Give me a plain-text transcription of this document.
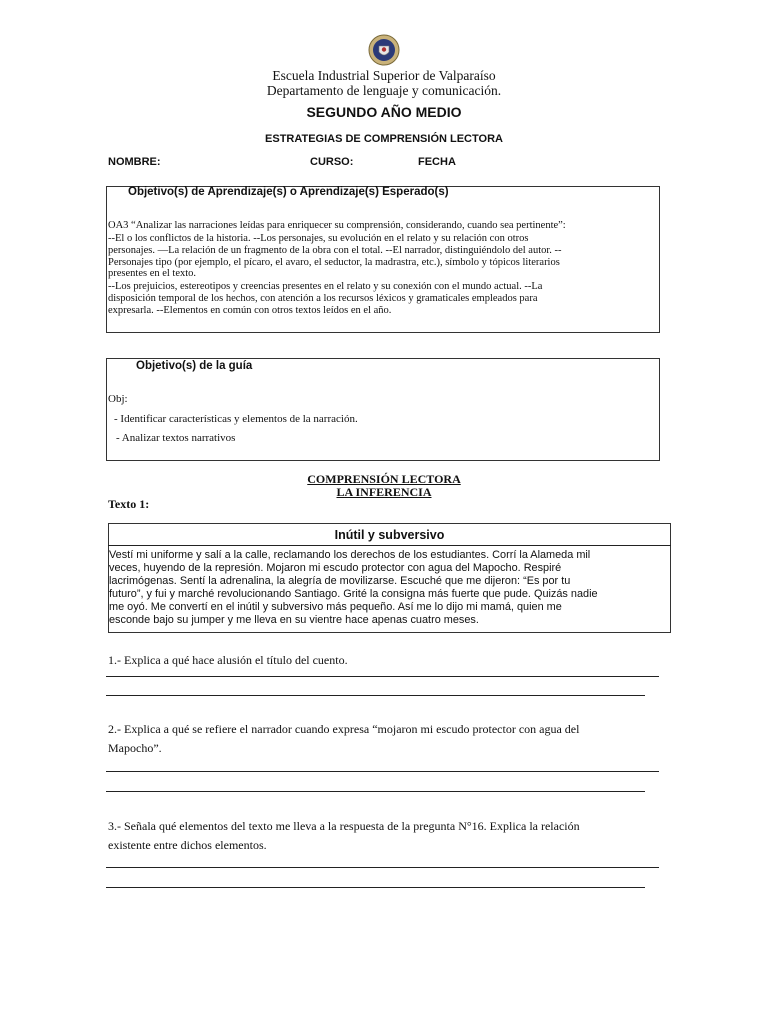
Escuela Industrial Superior de Valparaíso
Departamento de lenguaje y comunicación.
SEGUNDO AÑO MEDIO
ESTRATEGIAS DE COMPRENSIÓN LECTORA
NOMBRE:	CURSO:	FECHA
Objetivo(s) de Aprendizaje(s) o Aprendizaje(s) Esperado(s)
OA3 “Analizar las narraciones leídas para enriquecer su comprensión, considerando, cuando sea pertinente”:
--El o los conflictos de la historia. --Los personajes, su evolución en el relato y su relación con otros
personajes. —La relación de un fragmento de la obra con el total. --El narrador, distinguiéndolo del autor. --
Personajes tipo (por ejemplo, el pícaro, el avaro, el seductor, la madrastra, etc.), símbolo y tópicos literarios
presentes en el texto.
--Los prejuicios, estereotipos y creencias presentes en el relato y su conexión con el mundo actual. --La
disposición temporal de los hechos, con atención a los recursos léxicos y gramaticales empleados para
expresarla. --Elementos en común con otros textos leídos en el año.
Objetivo(s) de la guía
Obj:
- Identificar características y elementos de la narración.
- Analizar textos narrativos
COMPRENSIÓN LECTORA
LA INFERENCIA
Texto 1:
Inútil y subversivo
Vestí mi uniforme y salí a la calle, reclamando los derechos de los estudiantes. Corrí la Alameda mil
veces, huyendo de la represión. Mojaron mi escudo protector con agua del Mapocho. Respiré
lacrimógenas. Sentí la adrenalina, la alegría de movilizarse. Escuché que me dijeron: “Es por tu
futuro”, y fui y marché revolucionando Santiago. Grité la consigna más fuerte que pude. Quizás nadie
me oyó. Me convertí en el inútil y subversivo más pequeño. Así me lo dijo mi mamá, quien me
esconde bajo su jumper y me lleva en su vientre hace apenas cuatro meses.
1.- Explica a qué hace alusión el título del cuento.
2.- Explica a qué se refiere el narrador cuando expresa “mojaron mi escudo protector con agua del
Mapocho”.
3.- Señala qué elementos del texto me lleva a la respuesta de la pregunta N°16. Explica la relación
existente entre dichos elementos.
